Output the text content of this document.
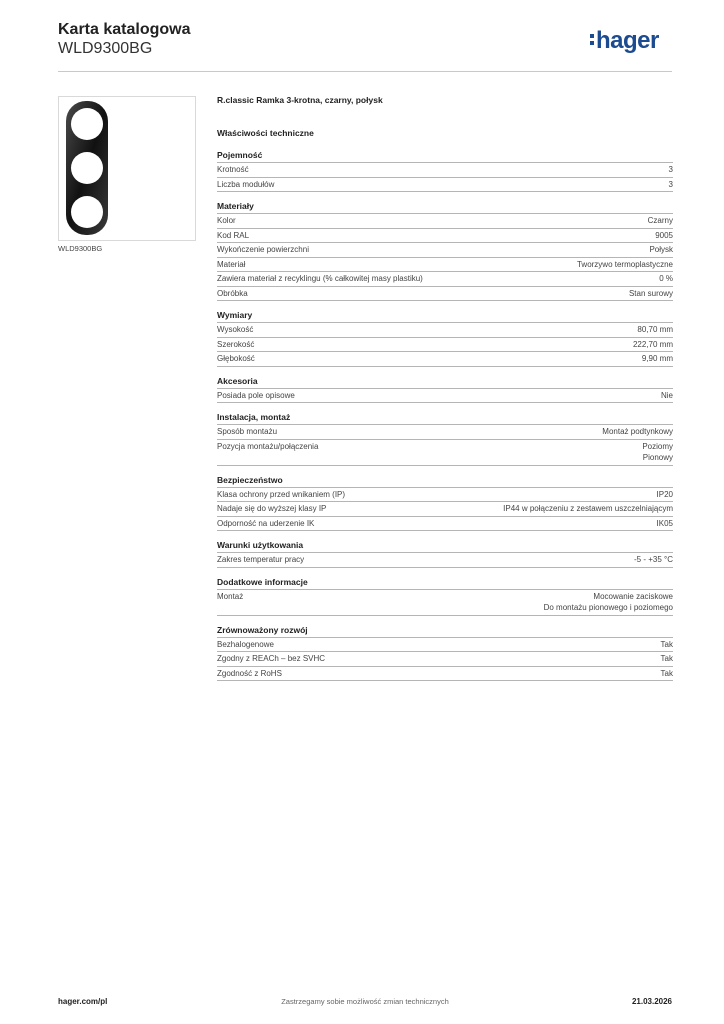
Karta katalogowa
WLD9300BG	hager
WLD9300BG
R.classic Ramka 3-krotna, czarny, połysk
Właściwości techniczne
Pojemność
Krotność	3
Liczba modułów	3
Materiały
Kolor	Czarny
Kod RAL	9005
Wykończenie powierzchni	Połysk
Materiał	Tworzywo termoplastyczne
Zawiera materiał z recyklingu (% całkowitej masy plastiku)	0 %
Obróbka	Stan surowy
Wymiary
Wysokość	80,70 mm
Szerokość	222,70 mm
Głębokość	9,90 mm
Akcesoria
Posiada pole opisowe	Nie
Instalacja, montaż
Sposób montażu	Montaż podtynkowy
Pozycja montażu/połączenia	Poziomy
Pionowy
Bezpieczeństwo
Klasa ochrony przed wnikaniem (IP)	IP20
Nadaje się do wyższej klasy IP	IP44 w połączeniu z zestawem uszczelniającym
Odporność na uderzenie IK	IK05
Warunki użytkowania
Zakres temperatur pracy	-5 - +35 °C
Dodatkowe informacje
Montaż	Mocowanie zaciskowe
Do montażu pionowego i poziomego
Zrównoważony rozwój
Bezhalogenowe	Tak
Zgodny z REACh – bez SVHC	Tak
Zgodność z RoHS	Tak
hager.com/pl	Zastrzegamy sobie możliwość zmian technicznych	21.03.2026
